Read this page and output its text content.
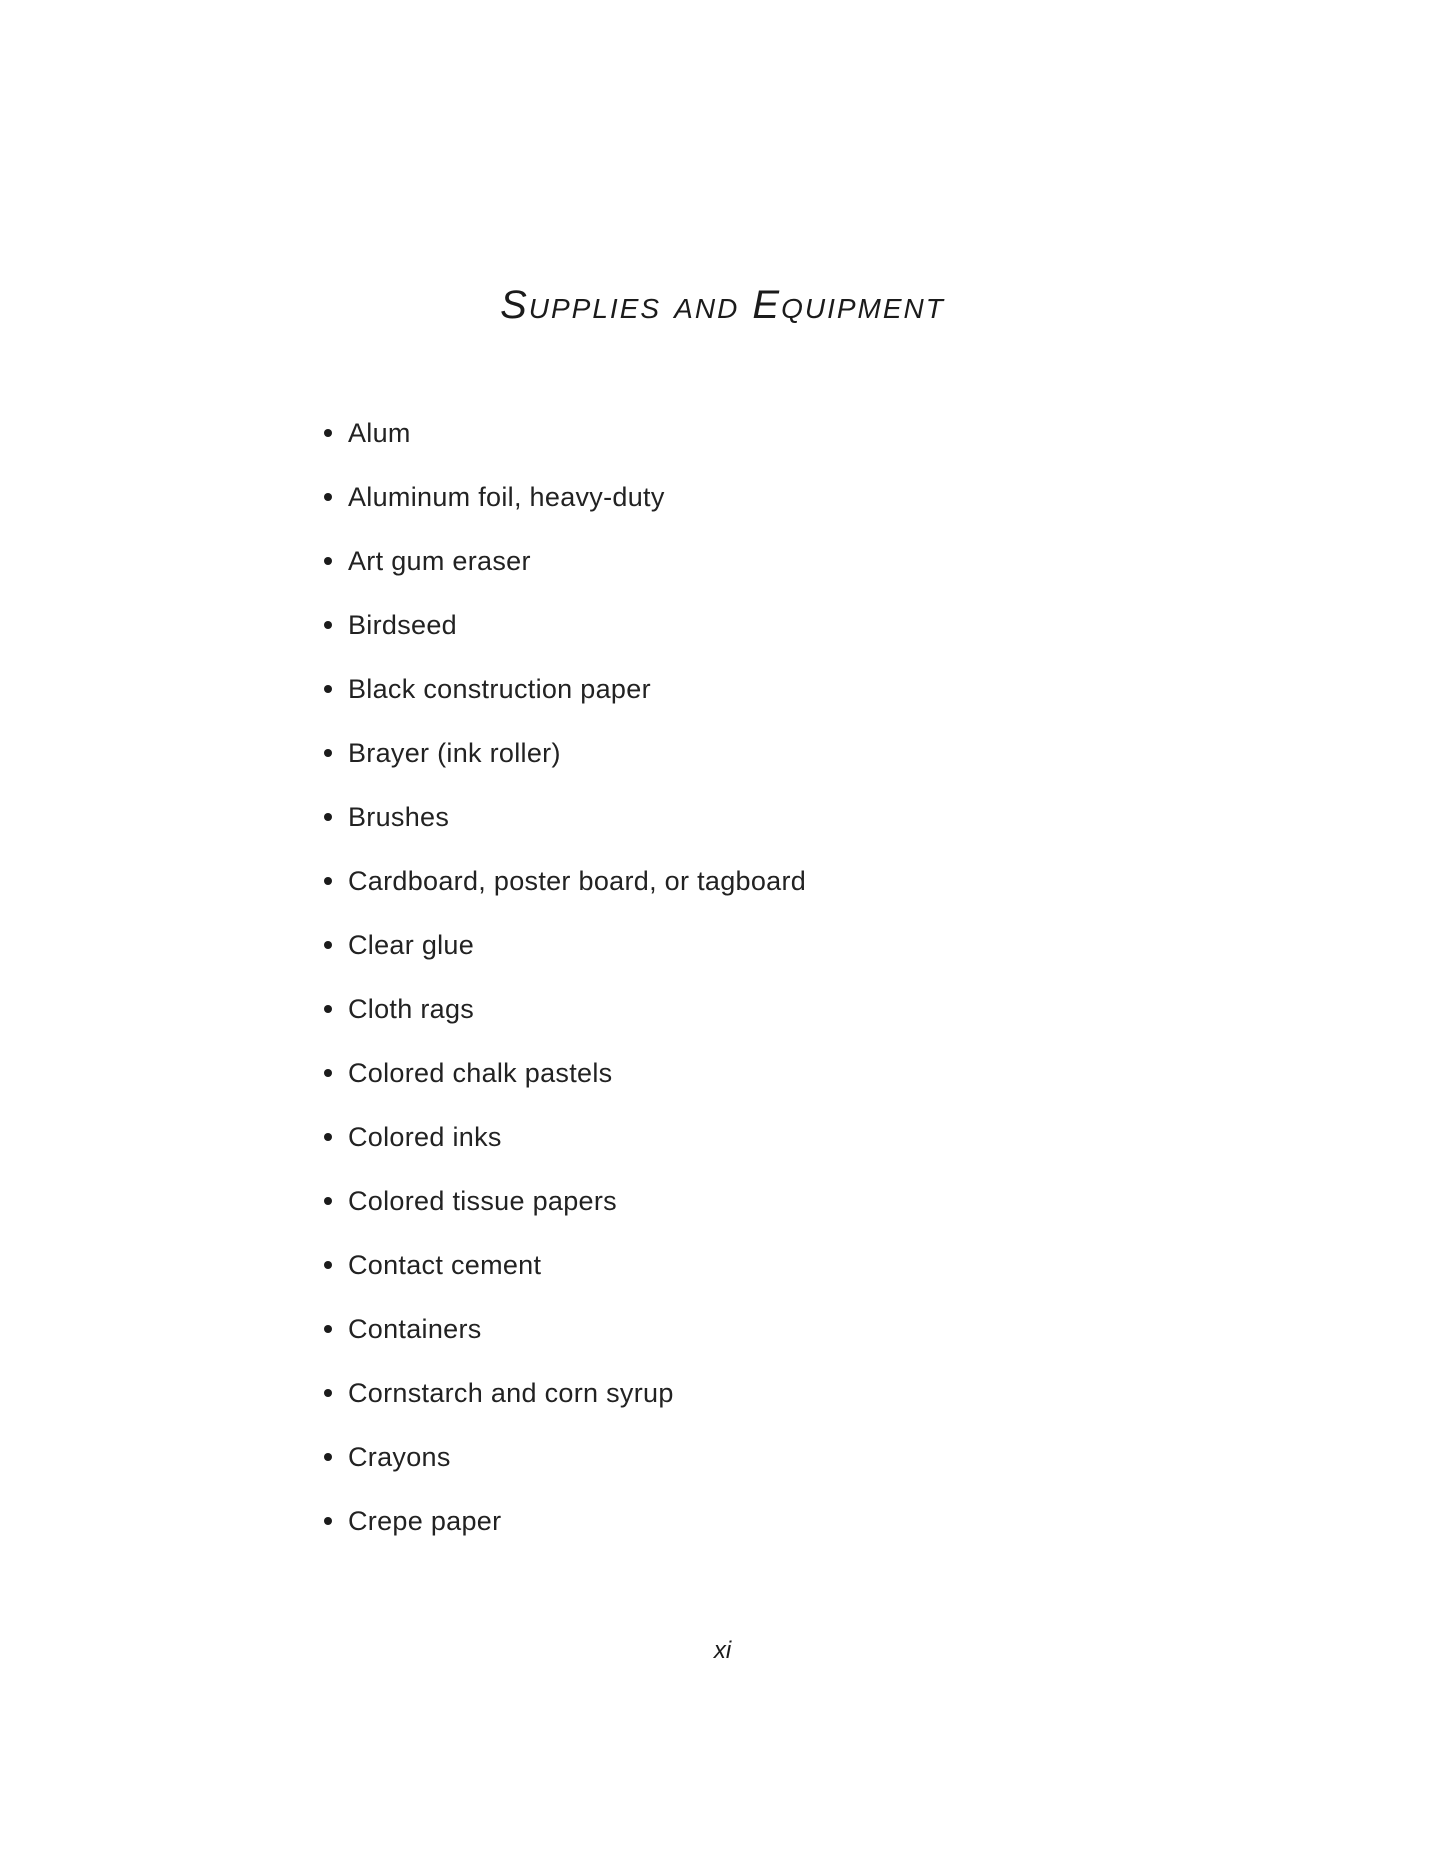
Supplies and Equipment
Alum
Aluminum foil, heavy-duty
Art gum eraser
Birdseed
Black construction paper
Brayer (ink roller)
Brushes
Cardboard, poster board, or tagboard
Clear glue
Cloth rags
Colored chalk pastels
Colored inks
Colored tissue papers
Contact cement
Containers
Cornstarch and corn syrup
Crayons
Crepe paper
xi
